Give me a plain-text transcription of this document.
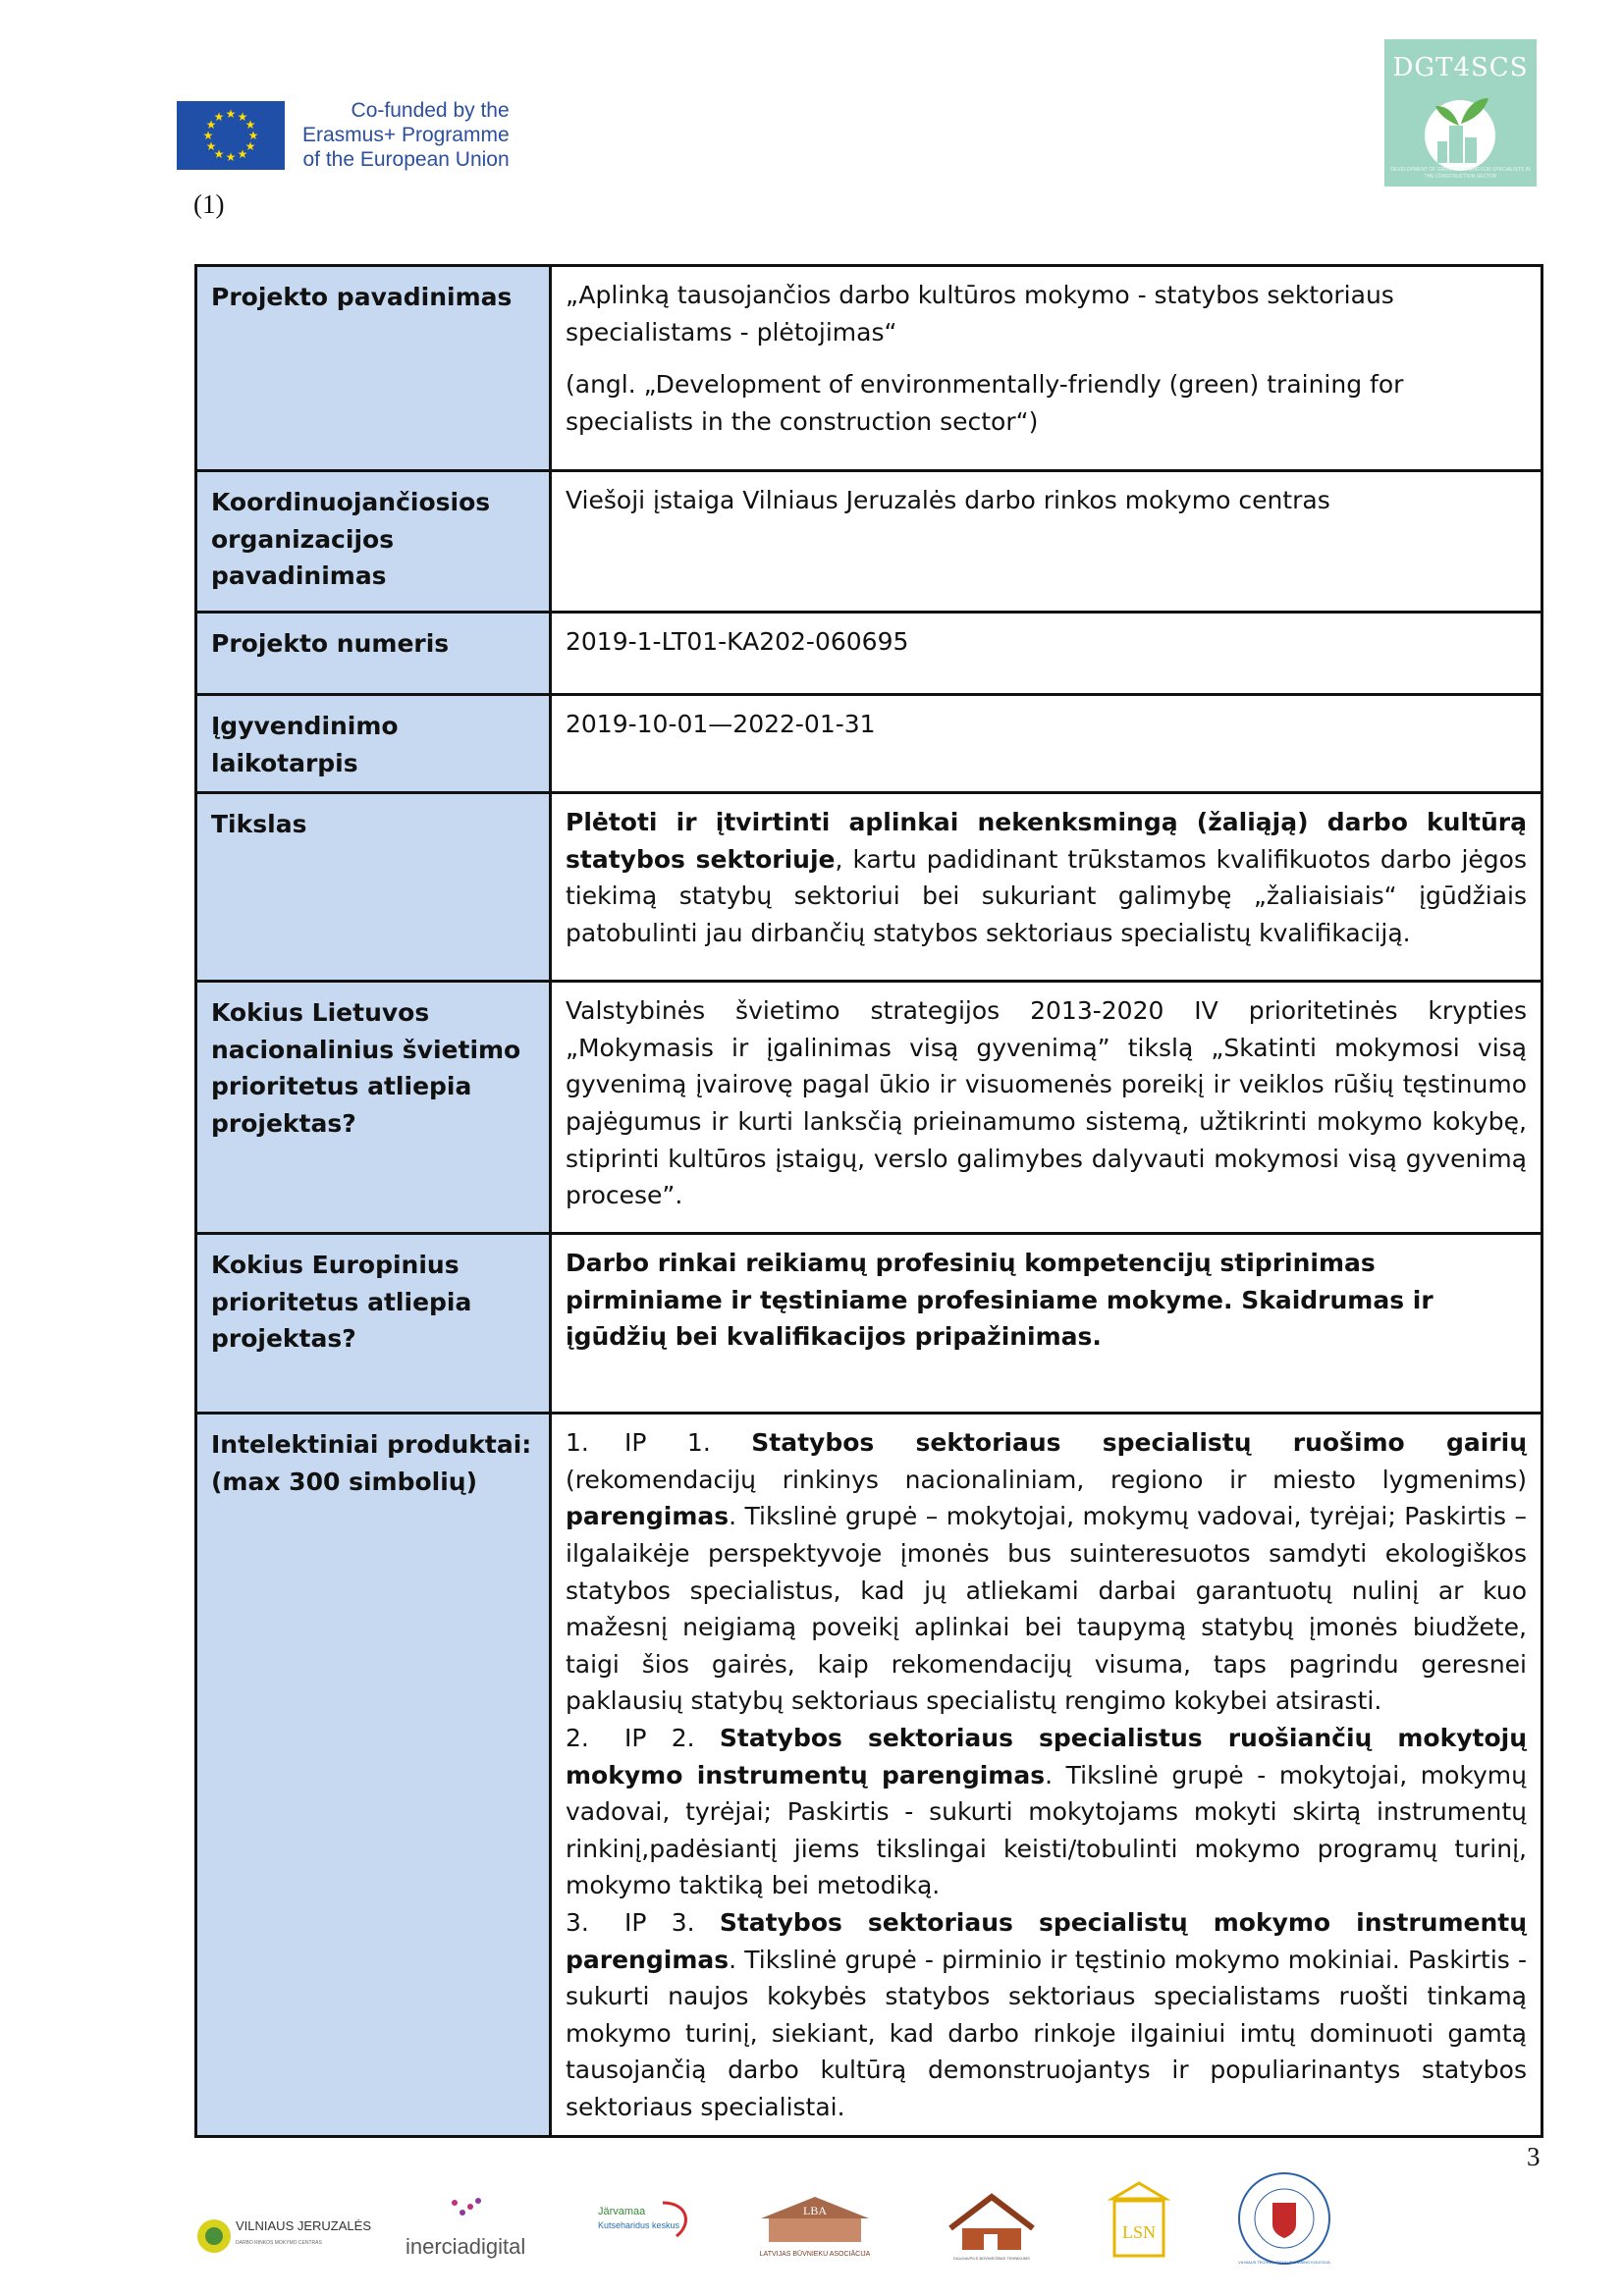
★ ★
★
★
★
★
★
★
★
★
★
★	Co-funded by the
Erasmus+ Programme
of the European Union
DGT4SCS
DEVELOPMENT OF GREEN TRAINING FOR SPECIALISTS IN THE CONSTRUCTION SECTOR
(1)
Projekto pavadinimas	„Aplinką tausojančios darbo kultūros mokymo - statybos sektoriaus specialistams - plėtojimas“

(angl. „Development of environmentally-friendly (green) training for specialists in the construction sector“)

Koordinuojančiosios organizacijos pavadinimas	Viešoji įstaiga Vilniaus Jeruzalės darbo rinkos mokymo centras
Projekto numeris	2019-1-LT01-KA202-060695
Įgyvendinimo laikotarpis	2019-10-01—2022-01-31
Tikslas	Plėtoti ir įtvirtinti aplinkai nekenksmingą (žaliąją) darbo kultūrą statybos sektoriuje, kartu padidinant trūkstamos kvalifikuotos darbo jėgos tiekimą statybų sektoriui bei sukuriant galimybę „žaliaisiais“ įgūdžiais patobulinti jau dirbančių statybos sektoriaus specialistų kvalifikaciją.
Kokius Lietuvos nacionalinius švietimo prioritetus atliepia projektas?	Valstybinės švietimo strategijos 2013-2020 IV prioritetinės krypties „Mokymasis ir įgalinimas visą gyvenimą” tikslą „Skatinti mokymosi visą gyvenimą įvairovę pagal ūkio ir visuomenės poreikį ir veiklos rūšių tęstinumo pajėgumus ir kurti lanksčią prieinamumo sistemą, užtikrinti mokymo kokybę, stiprinti kultūros įstaigų, verslo galimybes dalyvauti mokymosi visą gyvenimą procese”.
Kokius Europinius prioritetus atliepia projektas?	Darbo rinkai reikiamų profesinių kompetencijų stiprinimas pirminiame ir tęstiniame profesiniame mokyme. Skaidrumas ir įgūdžių bei kvalifikacijos pripažinimas.
Intelektiniai produktai: (max 300 simbolių)	1. IP 1. Statybos sektoriaus specialistų ruošimo gairių (rekomendacijų rinkinys nacionaliniam, regiono ir miesto lygmenims) parengimas. Tikslinė grupė – mokytojai, mokymų vadovai, tyrėjai; Paskirtis – ilgalaikėje perspektyvoje įmonės bus suinteresuotos samdyti ekologiškos statybos specialistus, kad jų atliekami darbai garantuotų nulinį ar kuo mažesnį neigiamą poveikį aplinkai bei taupymą statybų įmonės biudžete, taigi šios gairės, kaip rekomendacijų visuma, taps pagrindu geresnei paklausių statybų sektoriaus specialistų rengimo kokybei atsirasti.

2. IP 2. Statybos sektoriaus specialistus ruošiančių mokytojų mokymo instrumentų parengimas. Tikslinė grupė - mokytojai, mokymų vadovai, tyrėjai; Paskirtis - sukurti mokytojams mokyti skirtą instrumentų rinkinį,padėsiantį jiems tikslingai keisti/tobulinti mokymo programų turinį, mokymo taktiką bei metodiką.

3. IP 3. Statybos sektoriaus specialistų mokymo instrumentų parengimas. Tikslinė grupė - pirminio ir tęstinio mokymo mokiniai. Paskirtis - sukurti naujos kokybės statybos sektoriaus specialistams ruošti tinkamą mokymo turinį, siekiant, kad darbo rinkoje ilgainiui imtų dominuoti gamtą tausojančią darbo kultūrą demonstruojantys ir populiarinantys statybos sektoriaus specialistai.

3
VILNIAUS JERUZALĖS
DARBO RINKOS MOKYMO CENTRAS	inerciadigital
Järvamaa
Kutseharidus keskus
LBA
LATVIJAS BŪVNIEKU ASOCIĀCIJA
DAUGAVPILS BŪVNIECĪBAS TEHNIKUMS
LSN
VILNIAUS TECHNOLOGIJŲ IR DIZAINO KOLEGIJA
